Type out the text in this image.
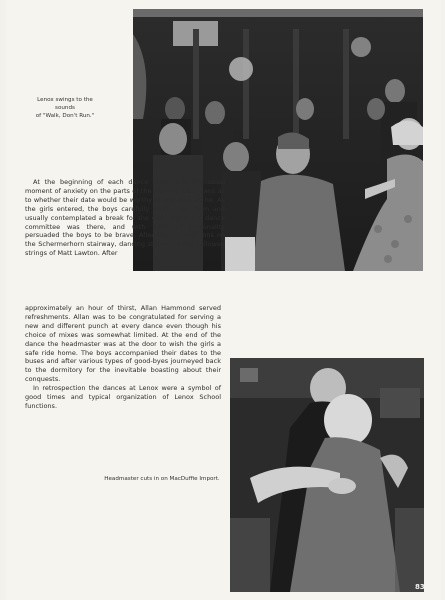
Lenox swings to the sounds
of "Walk, Don't Run."

At the beginning of each dance there was the usual moment of anxiety on the parts of the aspiring Don Juans as to whether their date would be worthy of one such as he. As the girls entered, the boys carefully scrutinized them and usually contemplated a break for the door. Again the dance committee was there, and with force of personality persuaded the boys to be brave. After the introductions on the Schermerhorn stairway, dancing started to the hallowed strings of Matt Lawton. After

approximately an hour of thirst, Allan Hammond served refreshments. Allan was to be congratulated for serving a new and different punch at every dance even though his choice of mixes was somewhat limited. At the end of the dance the headmaster was at the door to wish the girls a safe ride home. The boys accompanied their dates to the buses and after various types of good-byes journeyed back to the dormitory for the inevitable boasting about their conquests.

In retrospection the dances at Lenox were a symbol of good times and typical organization of Lenox School functions.

Headmaster cuts in on MacDuffie Import.
83
